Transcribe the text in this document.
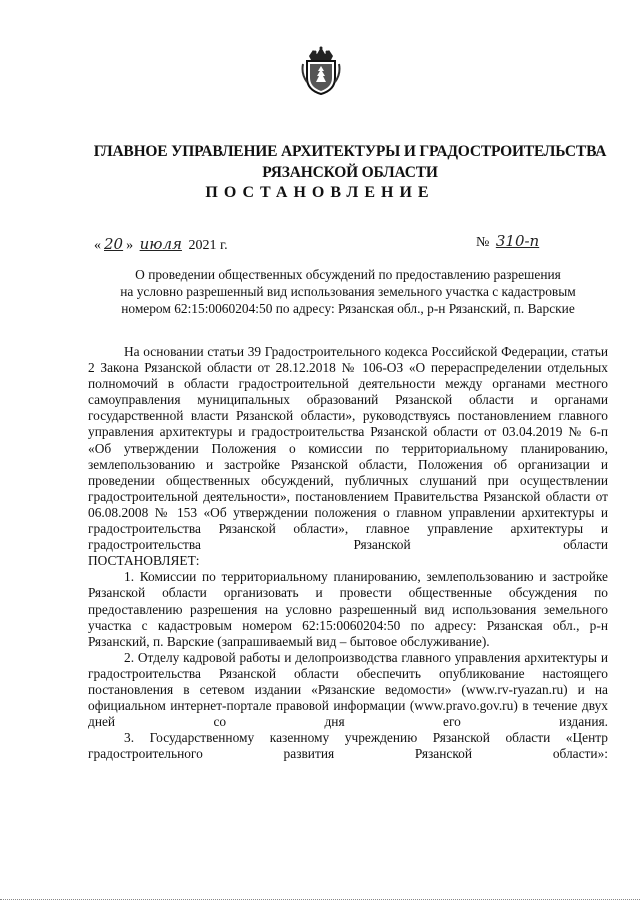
ГЛАВНОЕ УПРАВЛЕНИЕ АРХИТЕКТУРЫ И ГРАДОСТРОИТЕЛЬСТВА
РЯЗАНСКОЙ ОБЛАСТИ
ПОСТАНОВЛЕНИЕ
« 20 » июля 2021 г.	№ 310-п
О проведении общественных обсуждений по предоставлению разрешения
на условно разрешенный вид использования земельного участка с кадастровым
номером 62:15:0060204:50 по адресу: Рязанская обл., р-н Рязанский, п. Варские

На основании статьи 39 Градостроительного кодекса Российской Федерации, статьи 2 Закона Рязанской области от 28.12.2018 № 106-ОЗ «О перераспределении отдельных полномочий в области градостроительной деятельности между органами местного самоуправления муниципальных образований Рязанской области и органами государственной власти Рязанской области», руководствуясь постановлением главного управления архитектуры и градостроительства Рязанской области от 03.04.2019 № 6-п «Об утверждении Положения о комиссии по территориальному планированию, землепользованию и застройке Рязанской области, Положения об организации и проведении общественных обсуждений, публичных слушаний при осуществлении градостроительной деятельности», постановлением Правительства Рязанской области от 06.08.2008 № 153 «Об утверждении положения о главном управлении архитектуры и градостроительства Рязанской области», главное управление архитектуры и градостроительства Рязанской области

ПОСТАНОВЛЯЕТ:

1. Комиссии по территориальному планированию, землепользованию и застройке Рязанской области организовать и провести общественные обсуждения по предоставлению разрешения на условно разрешенный вид использования земельного участка с кадастровым номером 62:15:0060204:50 по адресу: Рязанская обл., р-н Рязанский, п. Варские (запрашиваемый вид – бытовое обслуживание).

2. Отделу кадровой работы и делопроизводства главного управления архитектуры и градостроительства Рязанской области обеспечить опубликование настоящего постановления в сетевом издании «Рязанские ведомости» (www.rv-ryazan.ru) и на официальном интернет-портале правовой информации (www.pravo.gov.ru) в течение двух дней со дня его издания.

3. Государственному казенному учреждению Рязанской области «Центр градостроительного развития Рязанской области»:
